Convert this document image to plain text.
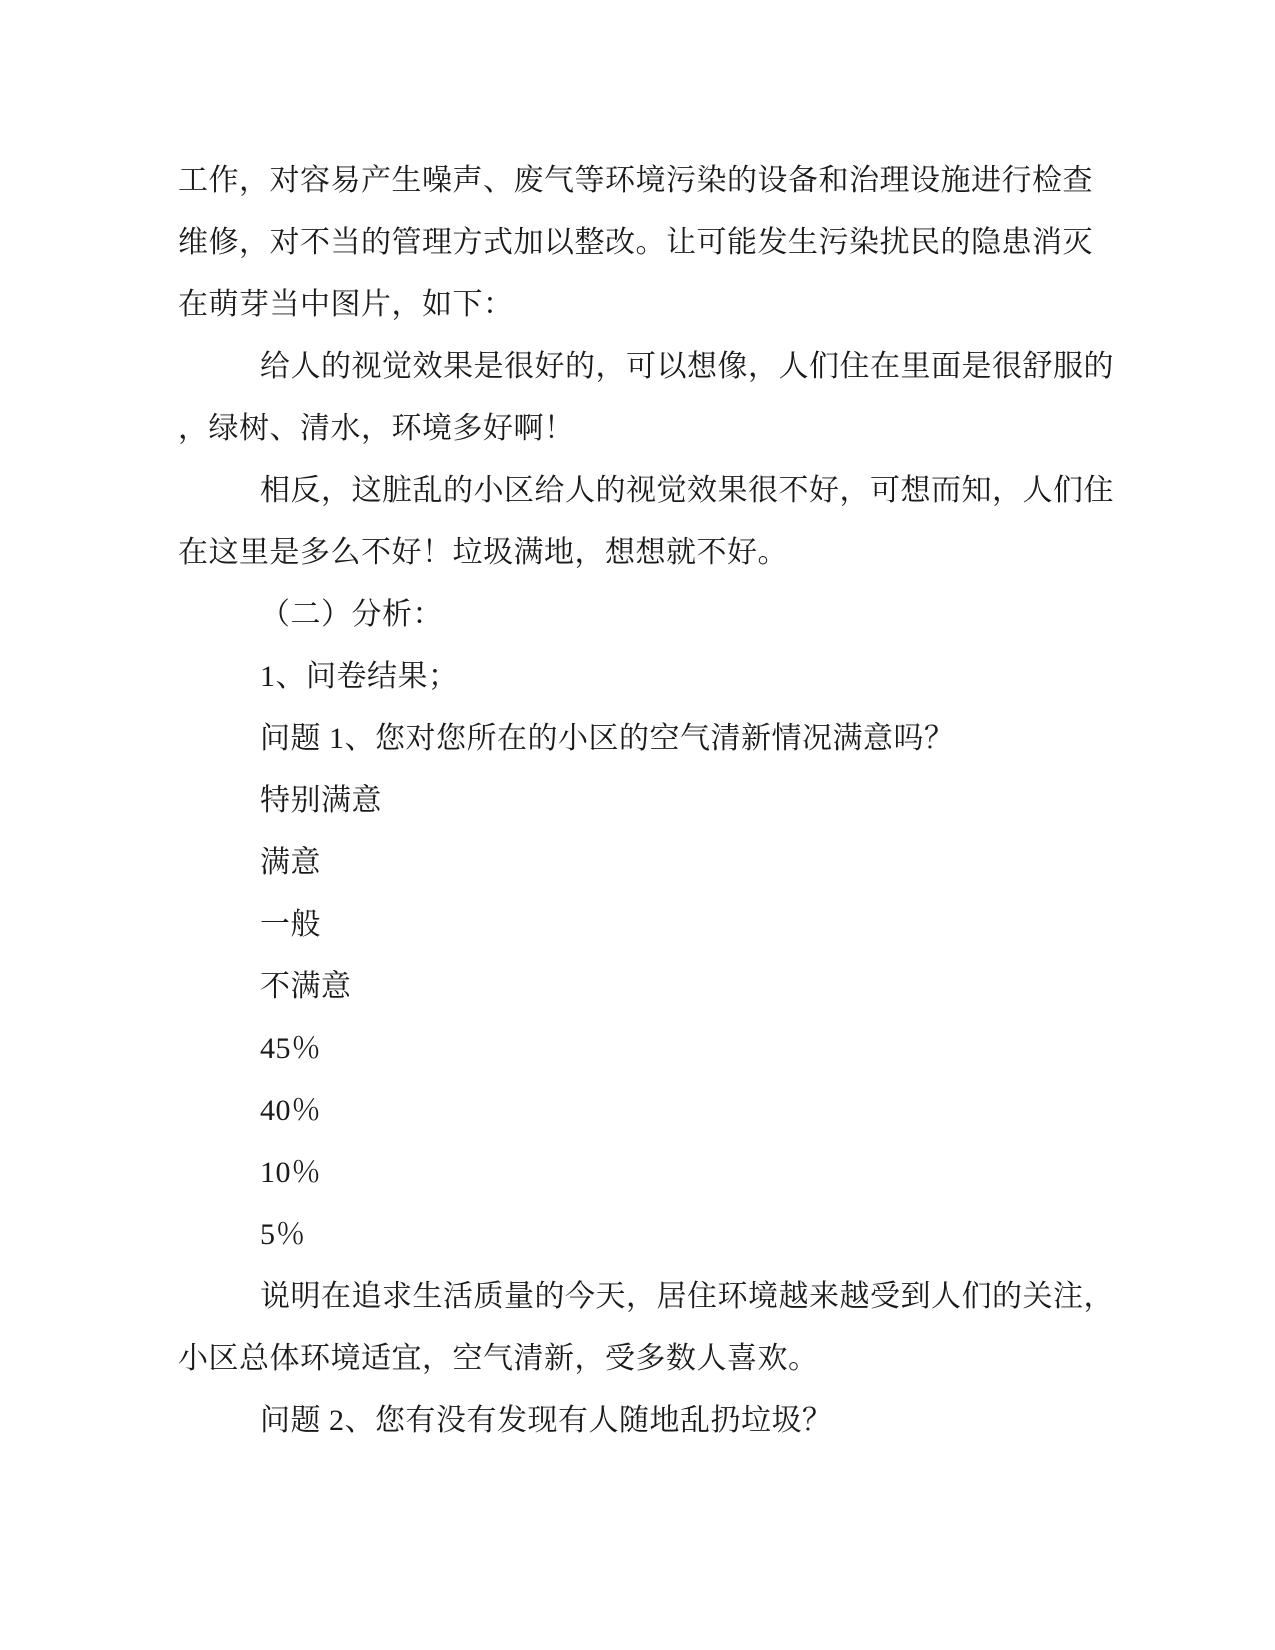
工作，对容易产生噪声、废气等环境污染的设备和治理设施进行检查
维修，对不当的管理方式加以整改。让可能发生污染扰民的隐患消灭
在萌芽当中图片，如下：
给人的视觉效果是很好的，可以想像，人们住在里面是很舒服的
，绿树、清水，环境多好啊！
相反，这脏乱的小区给人的视觉效果很不好，可想而知，人们住
在这里是多么不好！垃圾满地，想想就不好。
（二）分析：
1、问卷结果；
问题 1、您对您所在的小区的空气清新情况满意吗？
特别满意
满意
一般
不满意
45％
40％
10％
5％
说明在追求生活质量的今天，居住环境越来越受到人们的关注，
小区总体环境适宜，空气清新，受多数人喜欢。
问题 2、您有没有发现有人随地乱扔垃圾？
